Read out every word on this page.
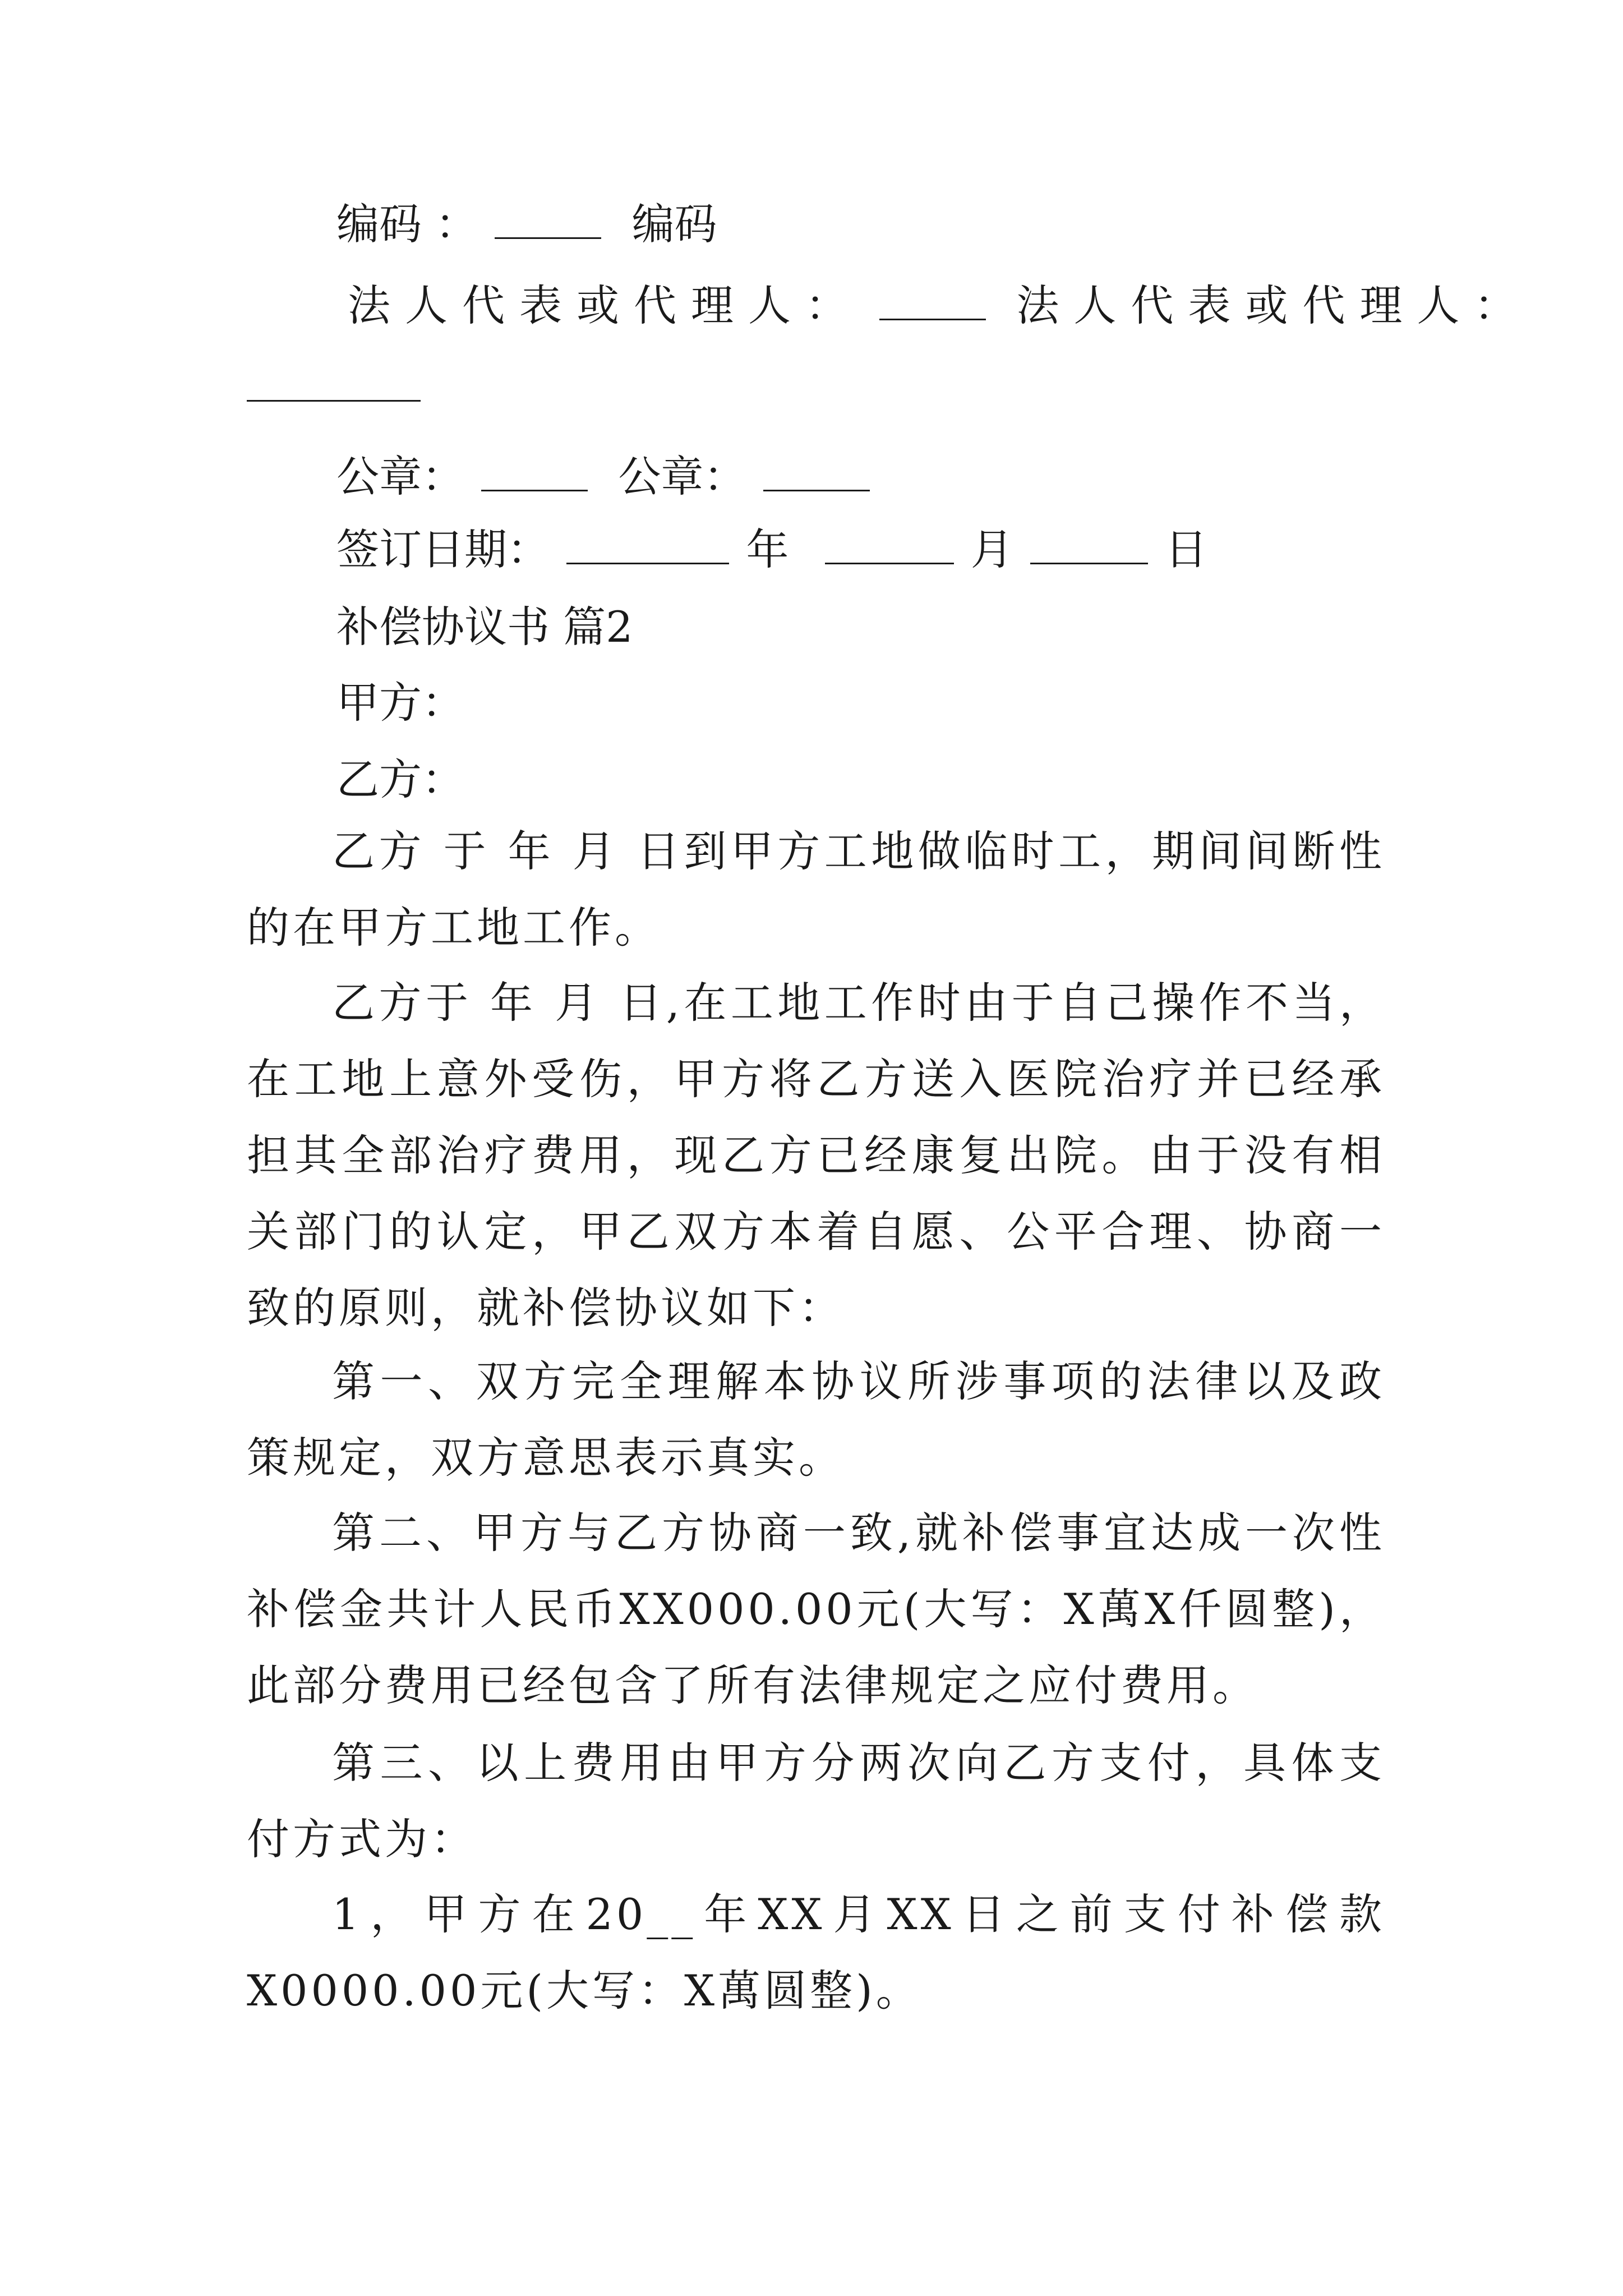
编码 ：	编码
法人代表或代理人：	法人代表或代理人：
公章：	公章：
签订日期：	年	月	日
补偿协议书 篇2
甲方：
乙方：

乙方 于 年 月 日到甲方工地做临时工，期间间断性的在甲方工地工作。

乙方于 年 月 日,在工地工作时由于自己操作不当，在工地上意外受伤，甲方将乙方送入医院治疗并已经承担其全部治疗费用，现乙方已经康复出院。由于没有相关部门的认定，甲乙双方本着自愿、公平合理、协商一致的原则，就补偿协议如下：

第一、双方完全理解本协议所涉事项的法律以及政策规定，双方意思表示真实。

第二、甲方与乙方协商一致,就补偿事宜达成一次性补偿金共计人民币XX000.00元(大写：X萬X仟圆整)，此部分费用已经包含了所有法律规定之应付费用。

第三、以上费用由甲方分两次向乙方支付，具体支付方式为：

1，甲方在20__年XX月XX日之前支付补偿款X0000.00元(大写：X萬圆整)。
